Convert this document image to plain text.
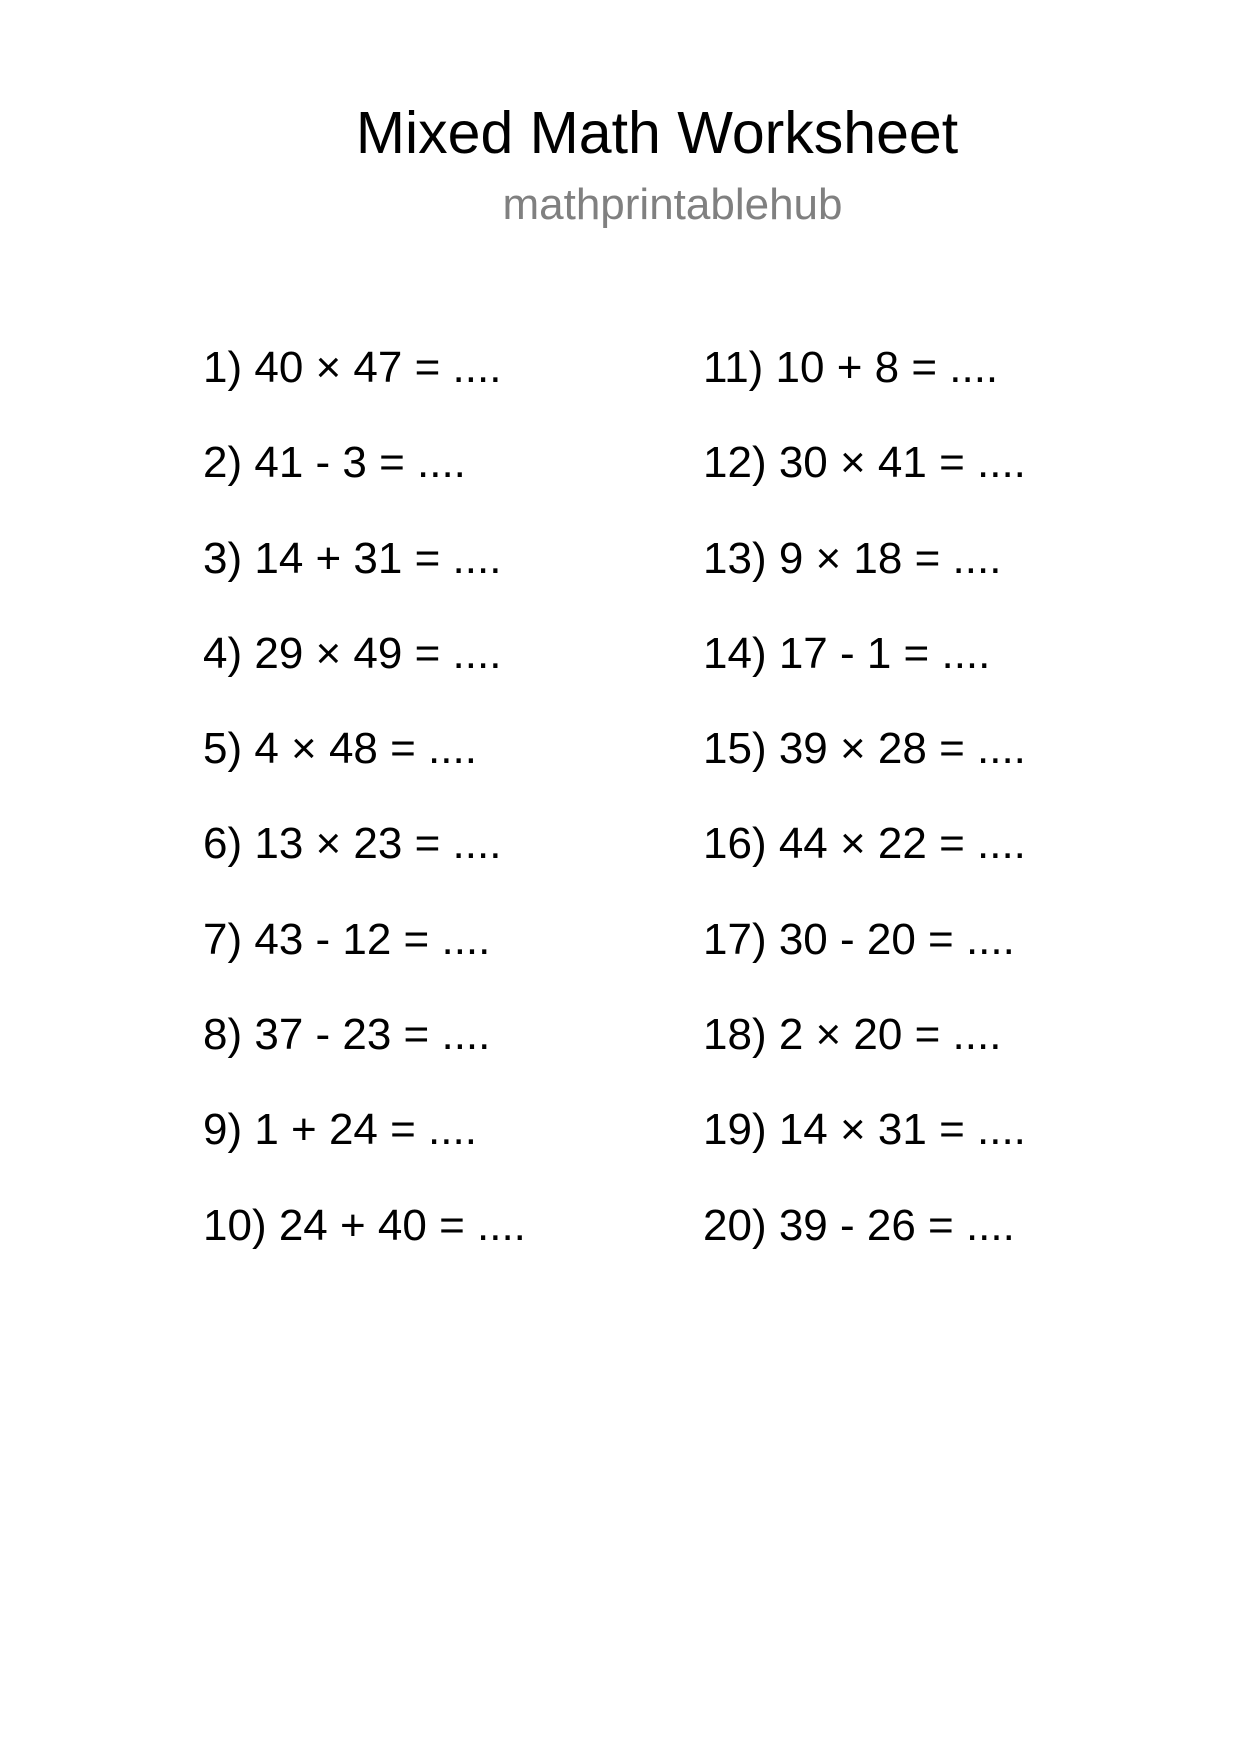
Mixed Math Worksheet
mathprintablehub
1) 40 × 47 = ....
2) 41 - 3 = ....
3) 14 + 31 = ....
4) 29 × 49 = ....
5) 4 × 48 = ....
6) 13 × 23 = ....
7) 43 - 12 = ....
8) 37 - 23 = ....
9) 1 + 24 = ....
10) 24 + 40 = ....
11) 10 + 8 = ....
12) 30 × 41 = ....
13) 9 × 18 = ....
14) 17 - 1 = ....
15) 39 × 28 = ....
16) 44 × 22 = ....
17) 30 - 20 = ....
18) 2 × 20 = ....
19) 14 × 31 = ....
20) 39 - 26 = ....
